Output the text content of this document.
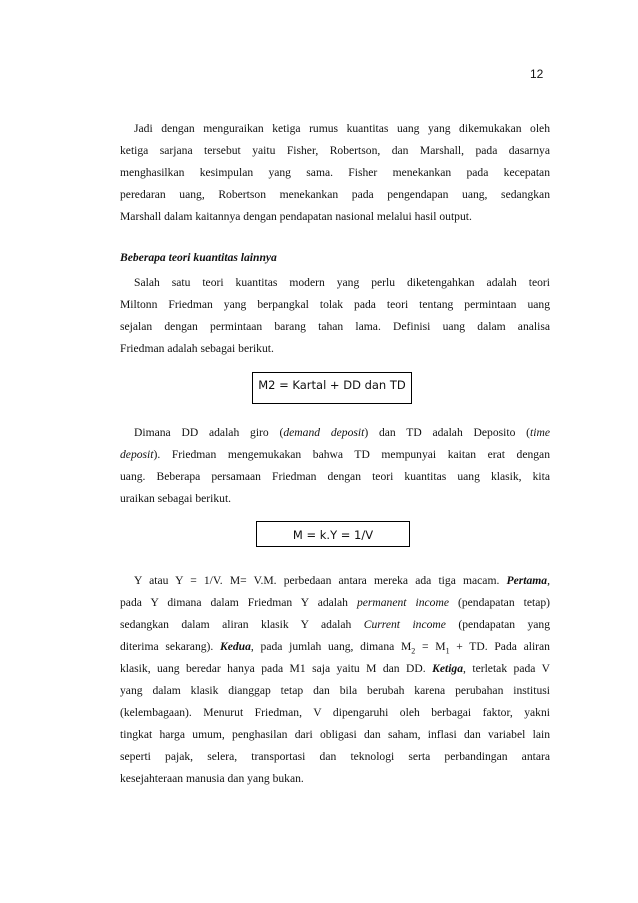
12

Jadi dengan menguraikan ketiga rumus kuantitas uang yang dikemukakan oleh
ketiga sarjana tersebut yaitu Fisher, Robertson, dan Marshall, pada dasarnya
menghasilkan kesimpulan yang sama. Fisher menekankan pada kecepatan
peredaran uang, Robertson menekankan pada pengendapan uang, sedangkan
Marshall dalam kaitannya dengan pendapatan nasional melalui hasil output.

Beberapa teori kuantitas lainnya

Salah satu teori kuantitas modern yang perlu diketengahkan adalah teori
Miltonn Friedman yang berpangkal tolak pada teori tentang permintaan uang
sejalan dengan permintaan barang tahan lama. Definisi uang dalam analisa
Friedman adalah sebagai berikut.

M2 = Kartal + DD dan TD

Dimana DD adalah giro (demand deposit) dan TD adalah Deposito (time
deposit). Friedman mengemukakan bahwa TD mempunyai kaitan erat dengan
uang. Beberapa persamaan Friedman dengan teori kuantitas uang klasik, kita
uraikan sebagai berikut.

M = k.Y = 1/V

Y atau Y = 1/V. M= V.M. perbedaan antara mereka ada tiga macam. Pertama,
pada Y dimana dalam Friedman Y adalah permanent income (pendapatan tetap)
sedangkan dalam aliran klasik Y adalah Current income (pendapatan yang
diterima sekarang). Kedua, pada jumlah uang, dimana $M_2 = M_1$ + TD. Pada aliran
klasik, uang beredar hanya pada M1 saja yaitu M dan DD. Ketiga, terletak pada V
yang dalam klasik dianggap tetap dan bila berubah karena perubahan institusi
(kelembagaan). Menurut Friedman, V dipengaruhi oleh berbagai faktor, yakni
tingkat harga umum, penghasilan dari obligasi dan saham, inflasi dan variabel lain
seperti pajak, selera, transportasi dan teknologi serta perbandingan antara
kesejahteraan manusia dan yang bukan.
